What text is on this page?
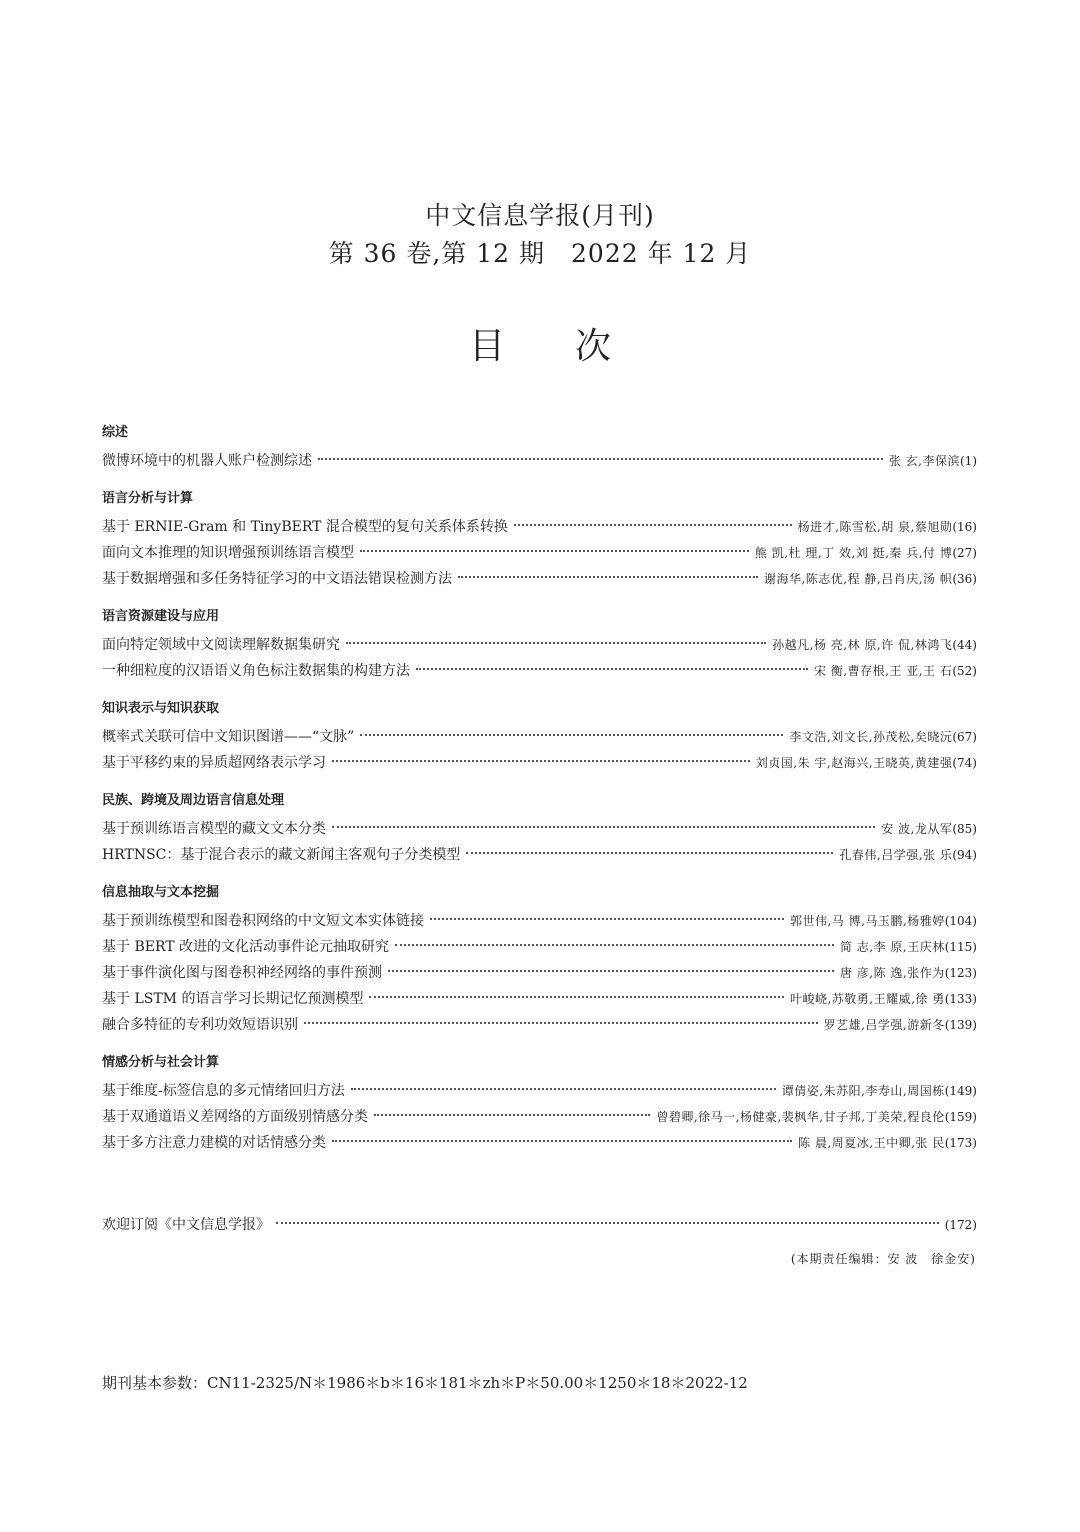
中文信息学报(月刊)
第 36 卷,第 12 期　2022 年 12 月
目次
综述
微博环境中的机器人账户检测综述	张 玄,李保滨 (1)
语言分析与计算
基于 ERNIE-Gram 和 TinyBERT 混合模型的复句关系体系转换	杨进才,陈雪松,胡 泉,蔡旭勋 (16)
面向文本推理的知识增强预训练语言模型	熊 凯,杜 理,丁 效,刘 挺,秦 兵,付 博 (27)
基于数据增强和多任务特征学习的中文语法错误检测方法	谢海华,陈志优,程 静,吕肖庆,汤 帜 (36)
语言资源建设与应用
面向特定领域中文阅读理解数据集研究	孙越凡,杨 亮,林 原,许 侃,林鸿飞 (44)
一种细粒度的汉语语义角色标注数据集的构建方法	宋 衡,曹存根,王 亚,王 石 (52)
知识表示与知识获取
概率式关联可信中文知识图谱——“文脉”	李文浩,刘文长,孙茂松,矣晓沅 (67)
基于平移约束的异质超网络表示学习	刘贞国,朱 宇,赵海兴,王晓英,黄建强 (74)
民族、跨境及周边语言信息处理
基于预训练语言模型的藏文文本分类	安 波,龙从军 (85)
HRTNSC：基于混合表示的藏文新闻主客观句子分类模型	孔春伟,吕学强,张 乐 (94)
信息抽取与文本挖掘
基于预训练模型和图卷积网络的中文短文本实体链接	郭世伟,马 博,马玉鹏,杨雅婷 (104)
基于 BERT 改进的文化活动事件论元抽取研究	简 志,李 原,王庆林 (115)
基于事件演化图与图卷积神经网络的事件预测	唐 彦,陈 逸,张作为 (123)
基于 LSTM 的语言学习长期记忆预测模型	叶峻峣,苏敬勇,王耀威,徐 勇 (133)
融合多特征的专利功效短语识别	罗艺雄,吕学强,游新冬 (139)
情感分析与社会计算
基于维度-标签信息的多元情绪回归方法	谭倩姿,朱苏阳,李寿山,周国栋 (149)
基于双通道语义差网络的方面级别情感分类	曾碧卿,徐马一,杨健豪,裴枫华,甘子邦,丁美荣,程良伦 (159)
基于多方注意力建模的对话情感分类	陈 晨,周夏冰,王中卿,张 民 (173)
欢迎订阅《中文信息学报》	(172)
(本期责任编辑：安 波　徐金安)
期刊基本参数：CN11-2325/N＊1986＊b＊16＊181＊zh＊P＊50.00＊1250＊18＊2022-12
